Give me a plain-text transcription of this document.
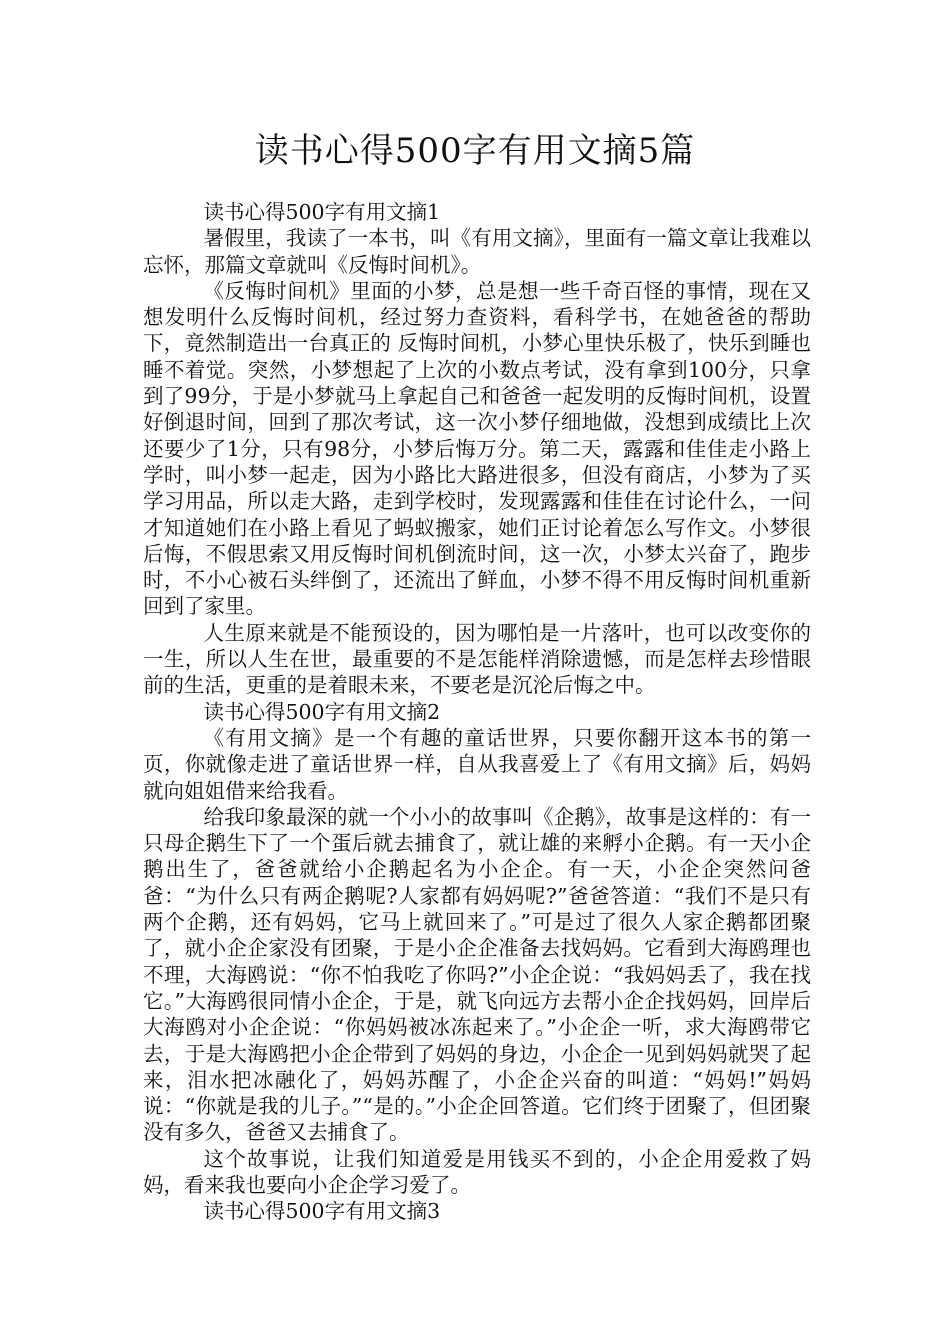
读书心得500字有用文摘5篇

读书心得500字有用文摘1

暑假里，我读了一本书，叫《有用文摘》，里面有一篇文章让我难以忘怀，那篇文章就叫《反悔时间机》。

《反悔时间机》里面的小梦，总是想一些千奇百怪的事情，现在又想发明什么反悔时间机，经过努力查资料，看科学书，在她爸爸的帮助下，竟然制造出一台真正的 反悔时间机，小梦心里快乐极了，快乐到睡也睡不着觉。突然，小梦想起了上次的小数点考试，没有拿到100分，只拿到了99分，于是小梦就马上拿起自己和爸爸一起发明的反悔时间机，设置好倒退时间，回到了那次考试，这一次小梦仔细地做，没想到成绩比上次还要少了1分，只有98分，小梦后悔万分。第二天，露露和佳佳走小路上学时，叫小梦一起走，因为小路比大路进很多，但没有商店，小梦为了买学习用品，所以走大路，走到学校时，发现露露和佳佳在讨论什么，一问才知道她们在小路上看见了蚂蚁搬家，她们正讨论着怎么写作文。小梦很后悔，不假思索又用反悔时间机倒流时间，这一次，小梦太兴奋了，跑步时，不小心被石头绊倒了，还流出了鲜血，小梦不得不用反悔时间机重新回到了家里。

人生原来就是不能预设的，因为哪怕是一片落叶，也可以改变你的一生，所以人生在世，最重要的不是怎能样消除遗憾，而是怎样去珍惜眼前的生活，更重的是着眼未来，不要老是沉沦后悔之中。

读书心得500字有用文摘2

《有用文摘》是一个有趣的童话世界，只要你翻开这本书的第一页，你就像走进了童话世界一样，自从我喜爱上了《有用文摘》后，妈妈就向姐姐借来给我看。

给我印象最深的就一个小小的故事叫《企鹅》，故事是这样的：有一只母企鹅生下了一个蛋后就去捕食了，就让雄的来孵小企鹅。有一天小企鹅出生了，爸爸就给小企鹅起名为小企企。有一天，小企企突然问爸爸：“为什么只有两企鹅呢?人家都有妈妈呢?”爸爸答道：“我们不是只有两个企鹅，还有妈妈，它马上就回来了。”可是过了很久人家企鹅都团聚了，就小企企家没有团聚，于是小企企准备去找妈妈。它看到大海鸥理也不理，大海鸥说：“你不怕我吃了你吗?”小企企说：“我妈妈丢了，我在找它。”大海鸥很同情小企企，于是，就飞向远方去帮小企企找妈妈，回岸后大海鸥对小企企说：“你妈妈被冰冻起来了。”小企企一听，求大海鸥带它去，于是大海鸥把小企企带到了妈妈的身边，小企企一见到妈妈就哭了起来，泪水把冰融化了，妈妈苏醒了，小企企兴奋的叫道：“妈妈!”妈妈说：“你就是我的儿子。”“是的。”小企企回答道。它们终于团聚了，但团聚没有多久，爸爸又去捕食了。

这个故事说，让我们知道爱是用钱买不到的，小企企用爱救了妈妈，看来我也要向小企企学习爱了。

读书心得500字有用文摘3
